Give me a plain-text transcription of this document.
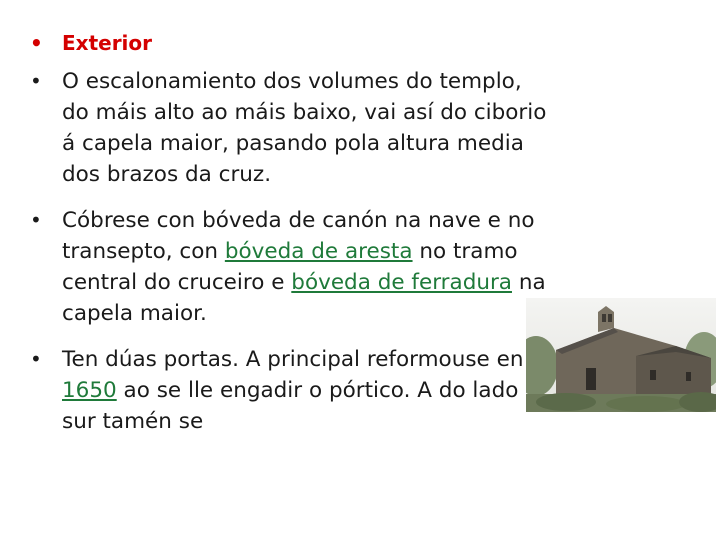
• Exterior
• O escalonamiento dos volumes do templo, do máis alto ao máis baixo, vai así do ciborio á capela maior, pasando pola altura media dos brazos da cruz.
• Cóbrese con bóveda de canón na nave e no transepto, con bóveda de aresta no tramo central do cruceiro e bóveda de ferradura na capela maior.
• Ten dúas portas. A principal reformouse en 1650 ao se lle engadir o pórtico. A do lado sur tamén se
